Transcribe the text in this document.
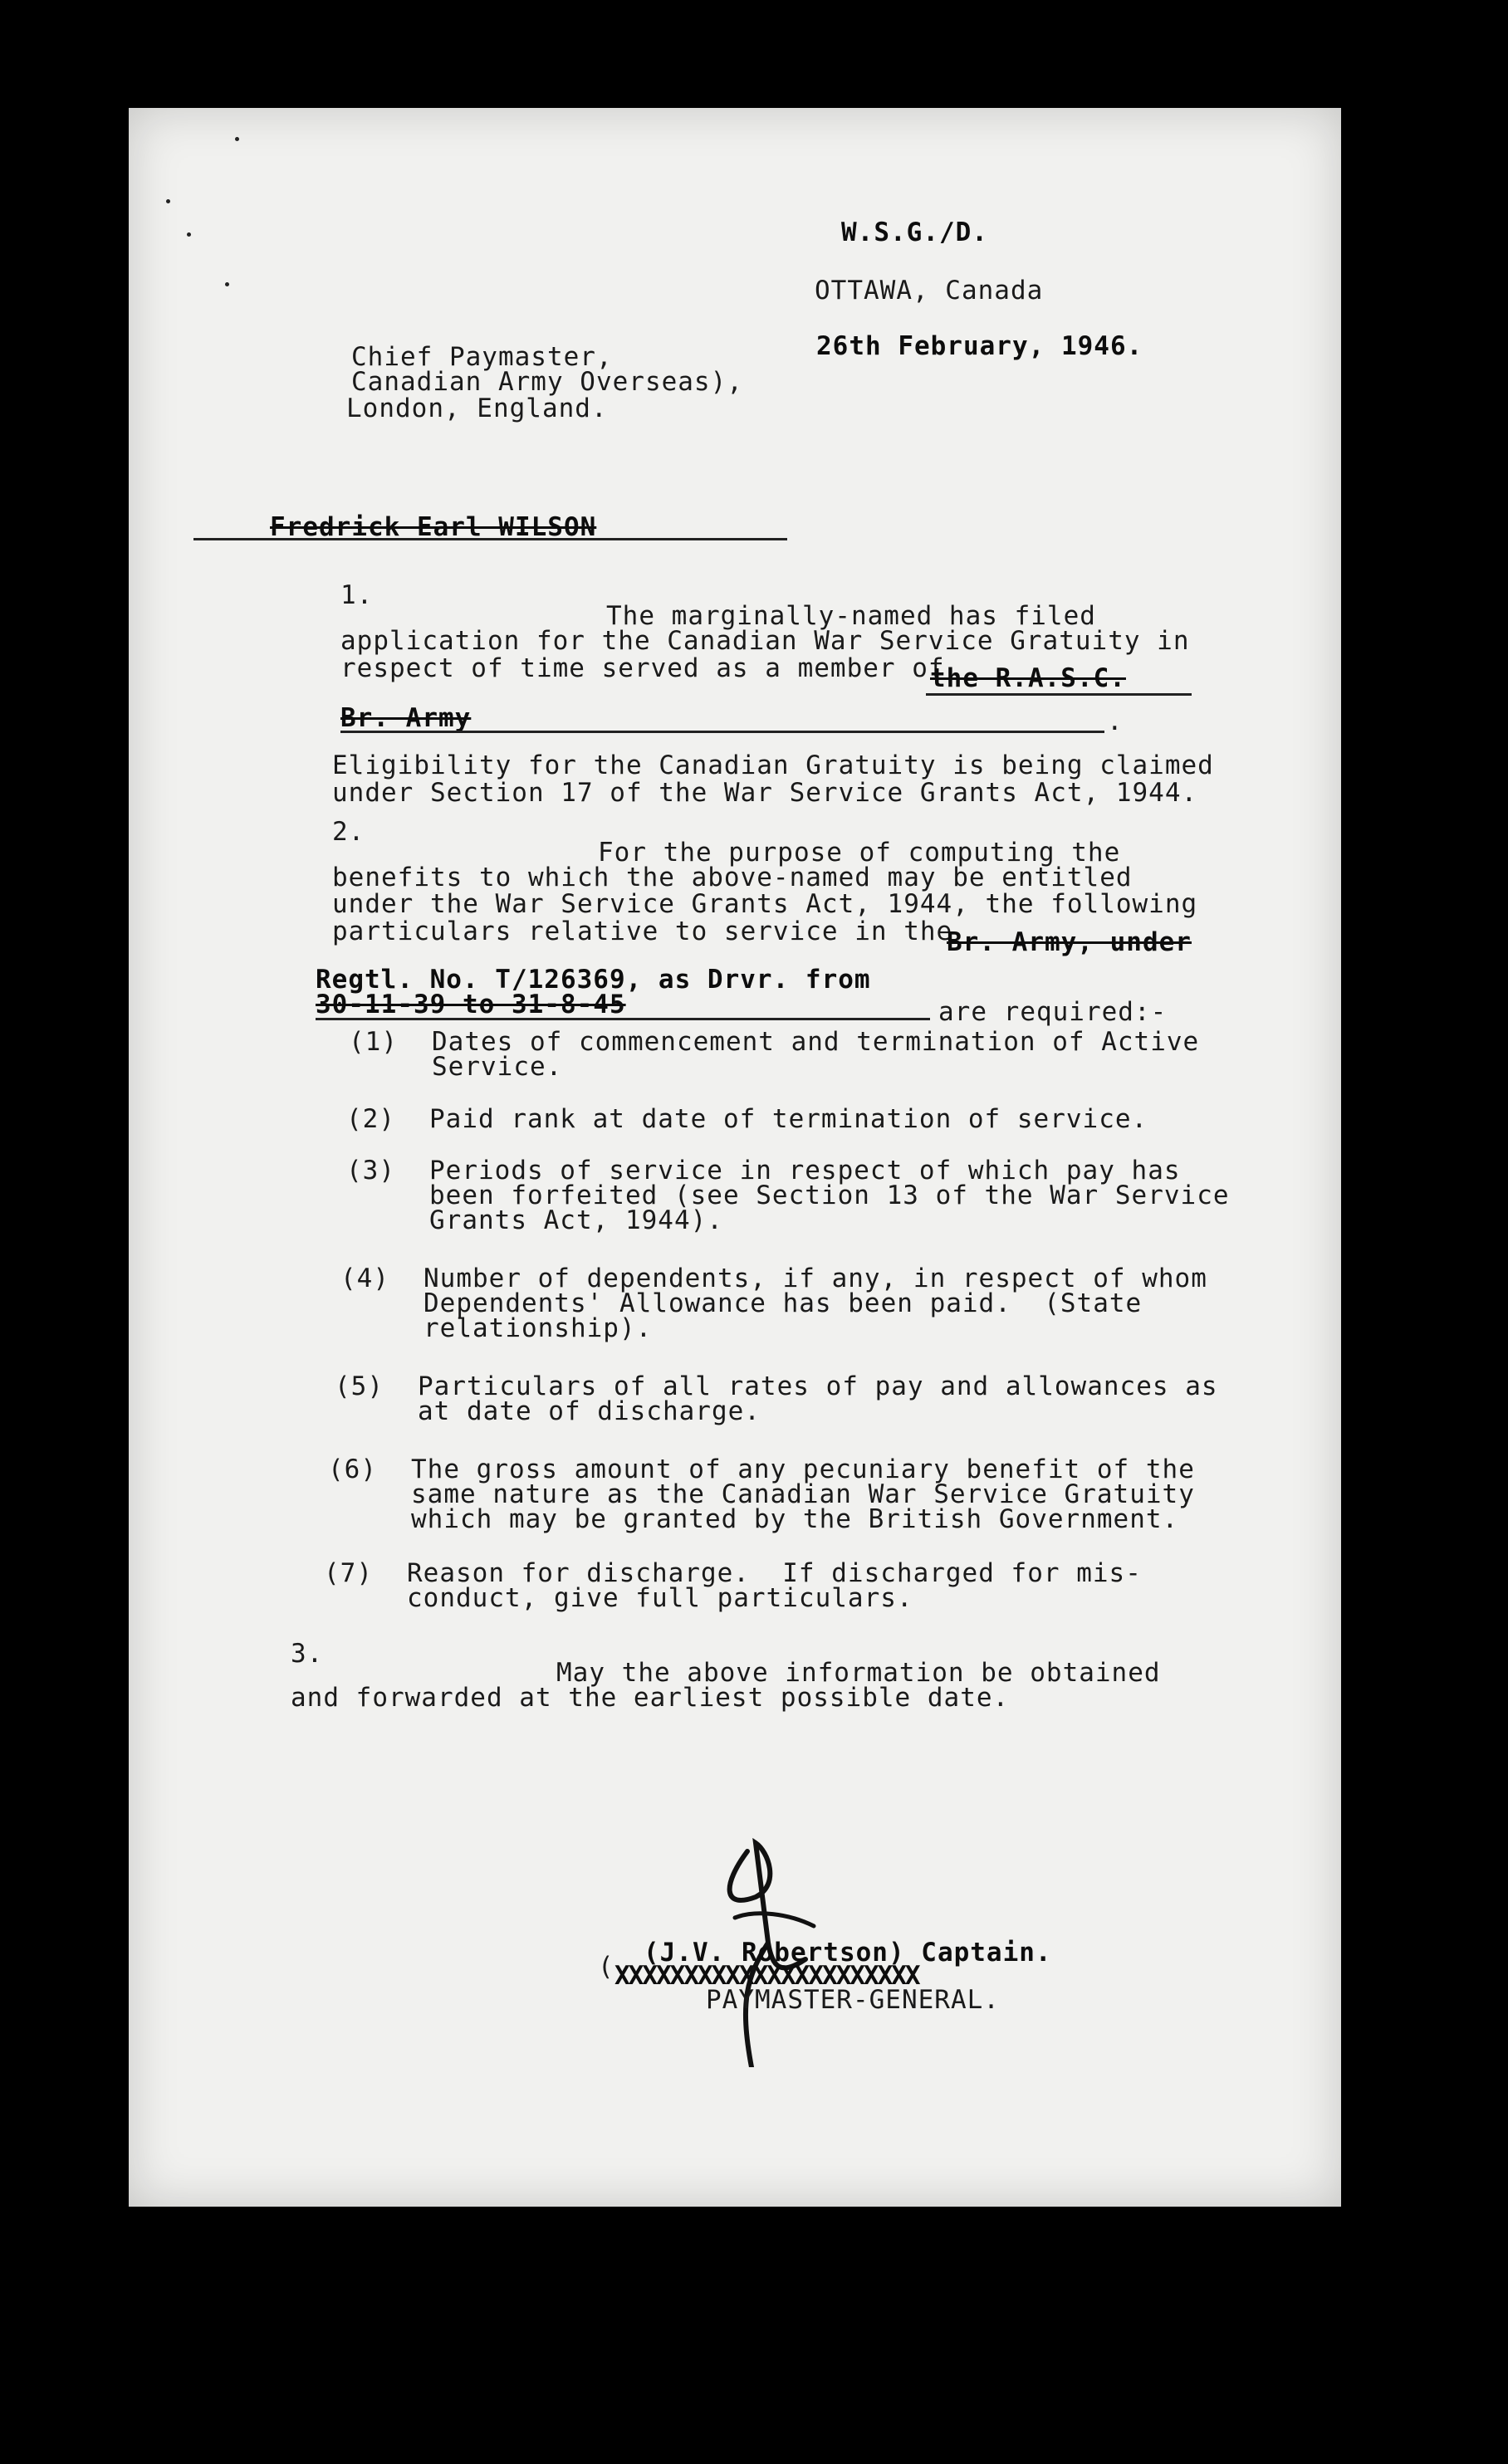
W.S.G./D.
OTTAWA, Canada
26th February, 1946.
Chief Paymaster,
Canadian Army Overseas),
London, England.
Fredrick Earl WILSON
1.
The marginally-named has filed
application for the Canadian War Service Gratuity in
respect of time served as a member of
the R.A.S.C.
Br. Army	.
Eligibility for the Canadian Gratuity is being claimed
under Section 17 of the War Service Grants Act, 1944.
2.
For the purpose of computing the
benefits to which the above-named may be entitled
under the War Service Grants Act, 1944, the following
particulars relative to service in the
Br. Army, under
Regtl. No. T/126369, as Drvr. from
30-11-39 to 31-8-45	are required:-
(1) Dates of commencement and termination of Active
Service.
(2) Paid rank at date of termination of service.
(3) Periods of service in respect of which pay has
been forfeited (see Section 13 of the War Service
Grants Act, 1944).
(4) Number of dependents, if any, in respect of whom
Dependents' Allowance has been paid.  (State
relationship).
(5) Particulars of all rates of pay and allowances as
at date of discharge.
(6) The gross amount of any pecuniary benefit of the
same nature as the Canadian War Service Gratuity
which may be granted by the British Government.
(7) Reason for discharge.  If discharged for mis-
conduct, give full particulars.
3.
May the above information be obtained
and forwarded at the earliest possible date.
( (J.V. Robertson) Captain.
XXXXXXXXXXXXXXXXXXXXXX
PAYMASTER-GENERAL.
